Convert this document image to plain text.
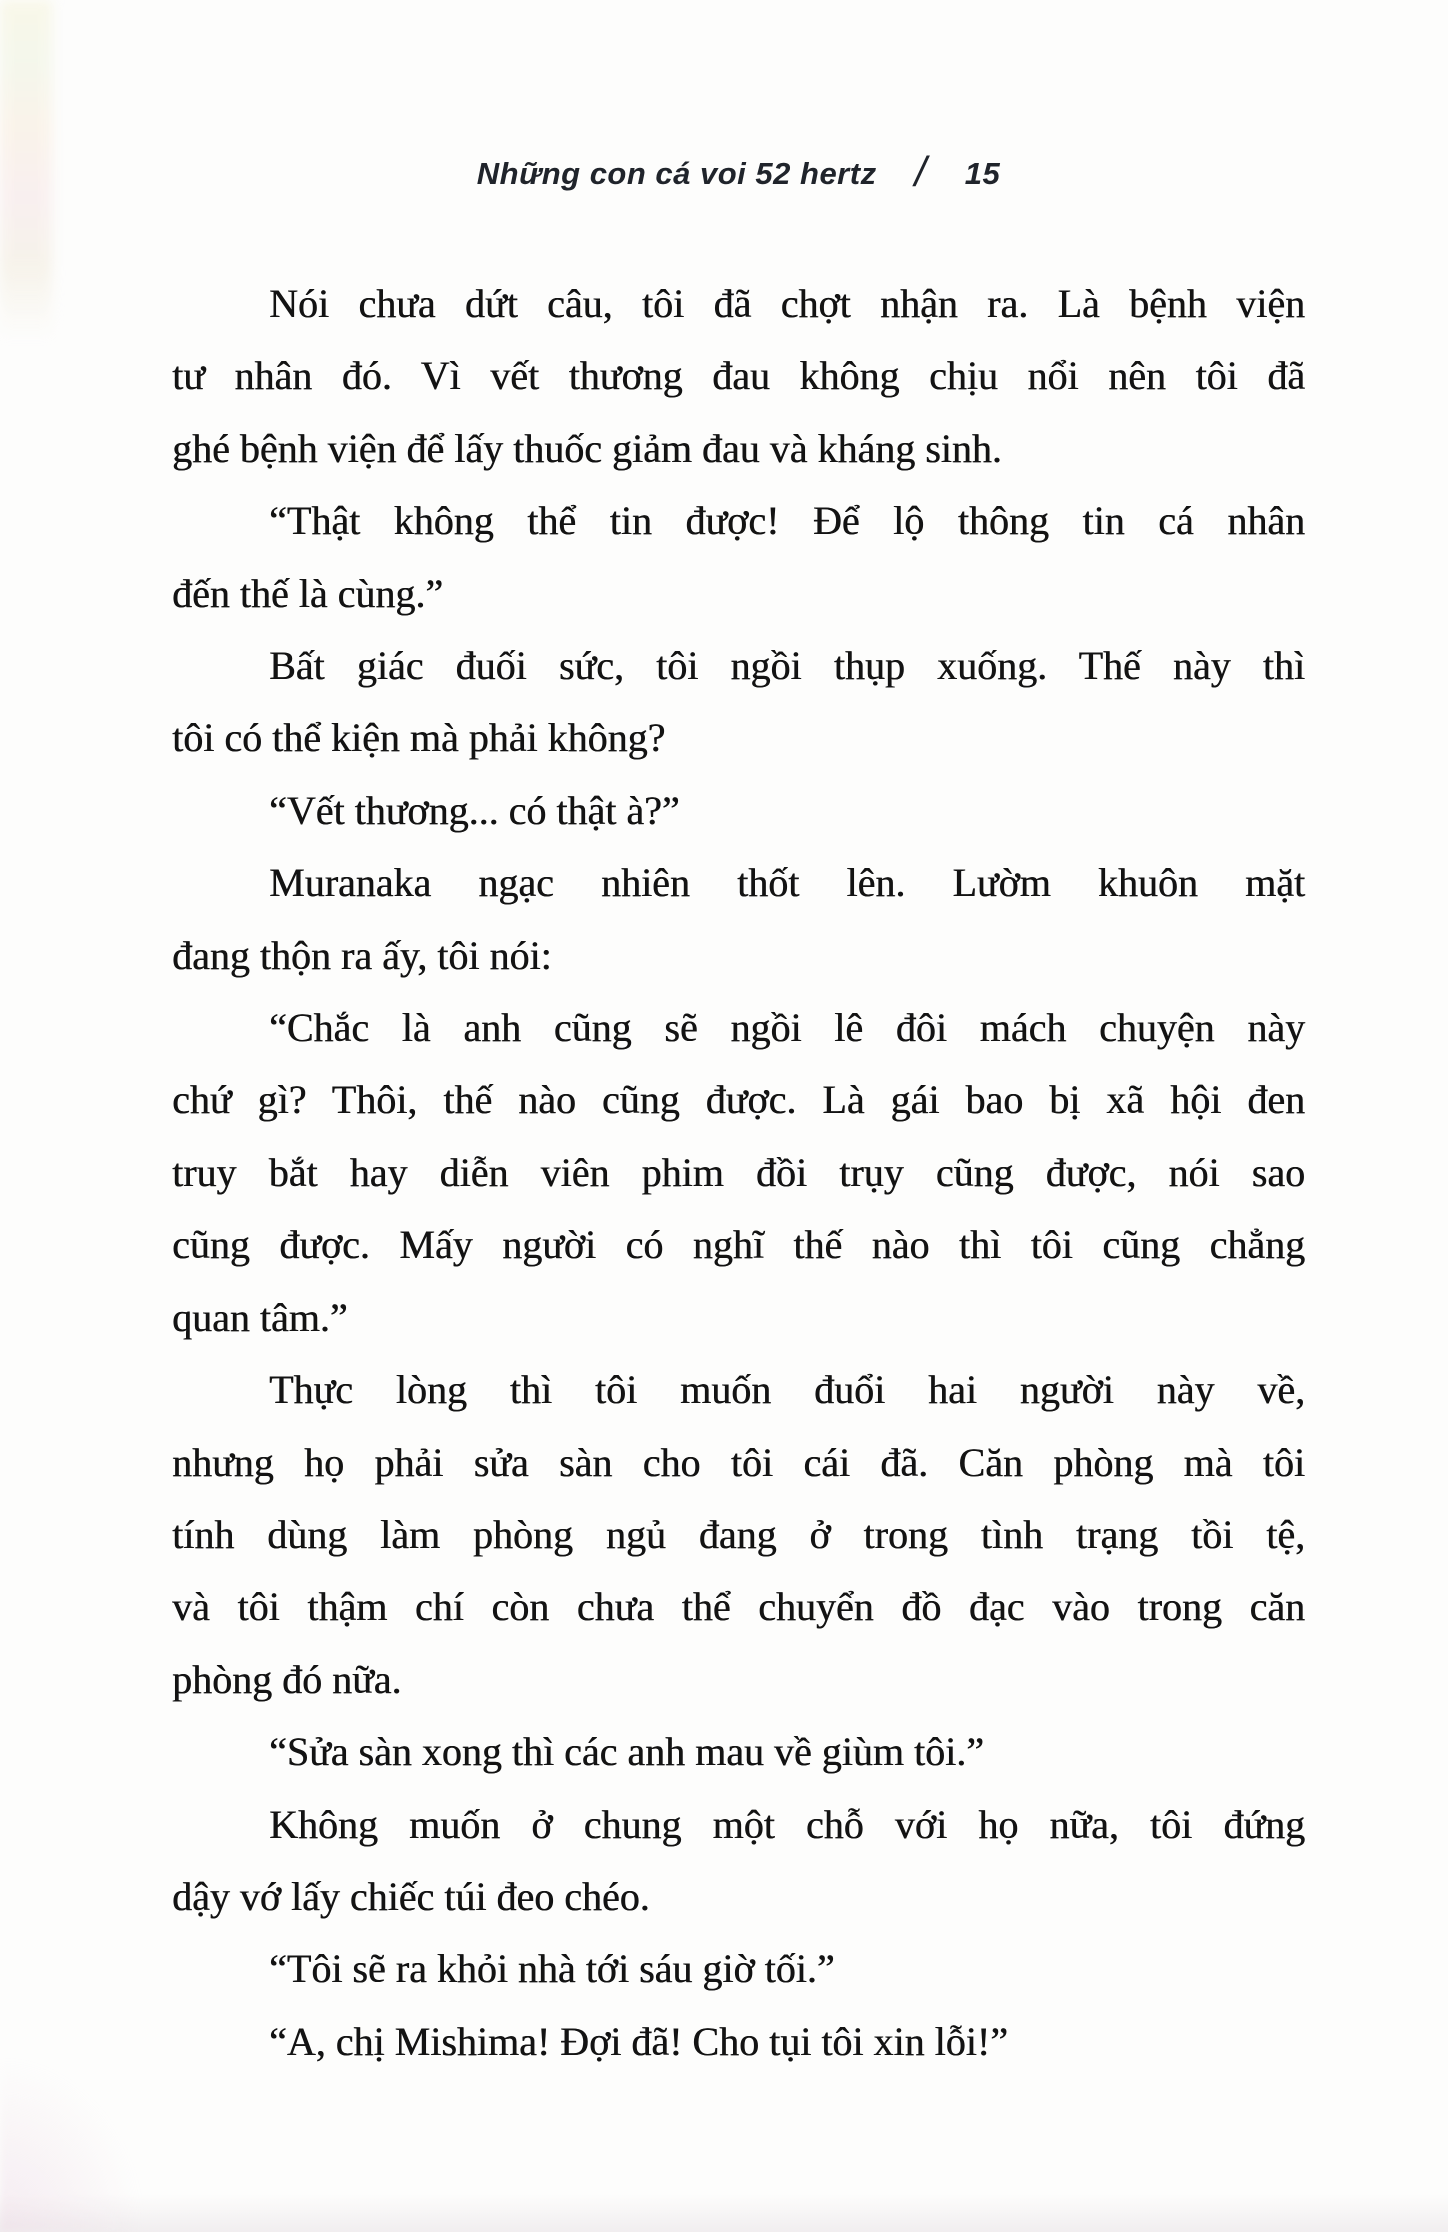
Những con cá voi 52 hertz / 15
Nói chưa dứt câu, tôi đã chợt nhận ra. Là bệnh viện
tư nhân đó. Vì vết thương đau không chịu nổi nên tôi đã
ghé bệnh viện để lấy thuốc giảm đau và kháng sinh.
“Thật không thể tin được! Để lộ thông tin cá nhân
đến thế là cùng.”
Bất giác đuối sức, tôi ngồi thụp xuống. Thế này thì
tôi có thể kiện mà phải không?
“Vết thương... có thật à?”
Muranaka ngạc nhiên thốt lên. Lườm khuôn mặt
đang thộn ra ấy, tôi nói:
“Chắc là anh cũng sẽ ngồi lê đôi mách chuyện này
chứ gì? Thôi, thế nào cũng được. Là gái bao bị xã hội đen
truy bắt hay diễn viên phim đồi trụy cũng được, nói sao
cũng được. Mấy người có nghĩ thế nào thì tôi cũng chẳng
quan tâm.”
Thực lòng thì tôi muốn đuổi hai người này về,
nhưng họ phải sửa sàn cho tôi cái đã. Căn phòng mà tôi
tính dùng làm phòng ngủ đang ở trong tình trạng tồi tệ,
và tôi thậm chí còn chưa thể chuyển đồ đạc vào trong căn
phòng đó nữa.
“Sửa sàn xong thì các anh mau về giùm tôi.”
Không muốn ở chung một chỗ với họ nữa, tôi đứng
dậy vớ lấy chiếc túi đeo chéo.
“Tôi sẽ ra khỏi nhà tới sáu giờ tối.”
“A, chị Mishima! Đợi đã! Cho tụi tôi xin lỗi!”
